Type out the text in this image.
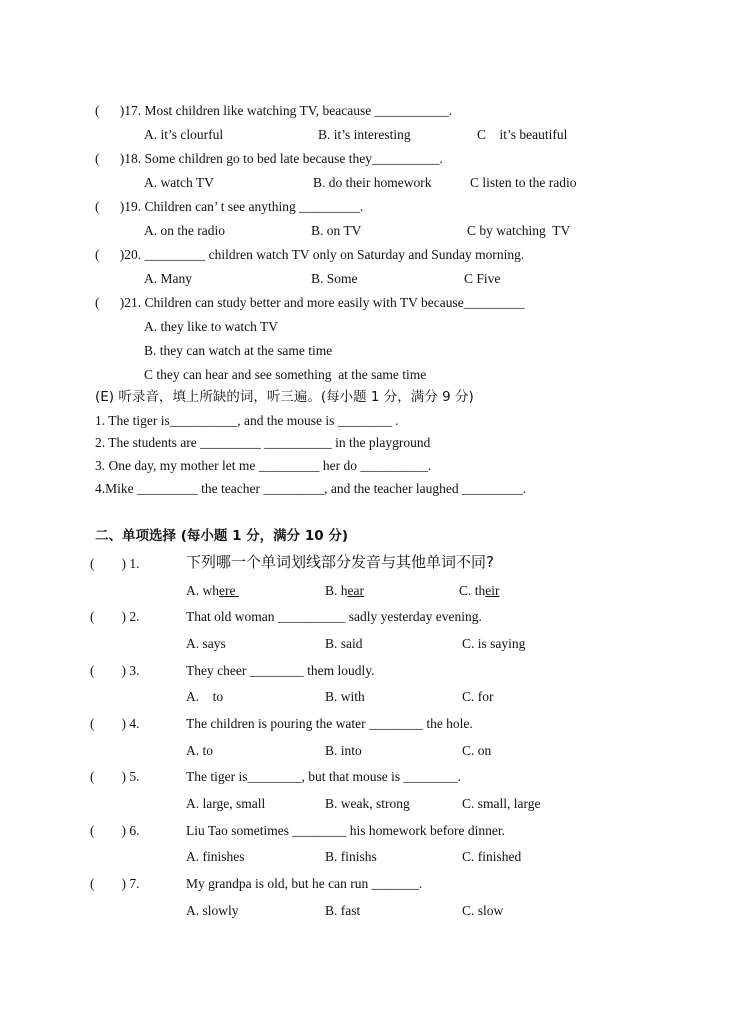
(      )17. Most children like watching TV, beacause ___________.
A. it’s clourful	B. it’s interesting	C    it’s beautiful
(      )18. Some children go to bed late because they__________.
A. watch TV	B. do their homework	C listen to the radio
(      )19. Children can’ t see anything _________.
A. on the radio	B. on TV	C by watching  TV
(      )20. _________ children watch TV only on Saturday and Sunday morning.
A. Many	B. Some	C Five
(      )21. Children can study better and more easily with TV because_________
A. they like to watch TV
B. they can watch at the same time
C they can hear and see something  at the same time
(E) 听录音，填上所缺的词，听三遍。(每小题 1 分，满分 9 分)
1. The tiger is__________, and the mouse is ________ .
2. The students are _________ __________ in the playground
3. One day, my mother let me _________ her do __________.
4.Mike _________ the teacher _________, and the teacher laughed _________.
二、单项选择 (每小题 1 分，满分 10 分)
(        ) 1.	下列哪一个单词划线部分发音与其他单词不同?
A. where	B. hear	C. their
(        ) 2.	That old woman __________ sadly yesterday evening.
A. says	B. said	C. is saying
(        ) 3.	They cheer ________ them loudly.
A.    to	B. with	C. for
(        ) 4.	The children is pouring the water ________ the hole.
A. to	B. into	C. on
(        ) 5.	The tiger is________, but that mouse is ________.
A. large, small	B. weak, strong	C. small, large
(        ) 6.	Liu Tao sometimes ________ his homework before dinner.
A. finishes	B. finishs	C. finished
(        ) 7.	My grandpa is old, but he can run _______.
A. slowly	B. fast	C. slow
